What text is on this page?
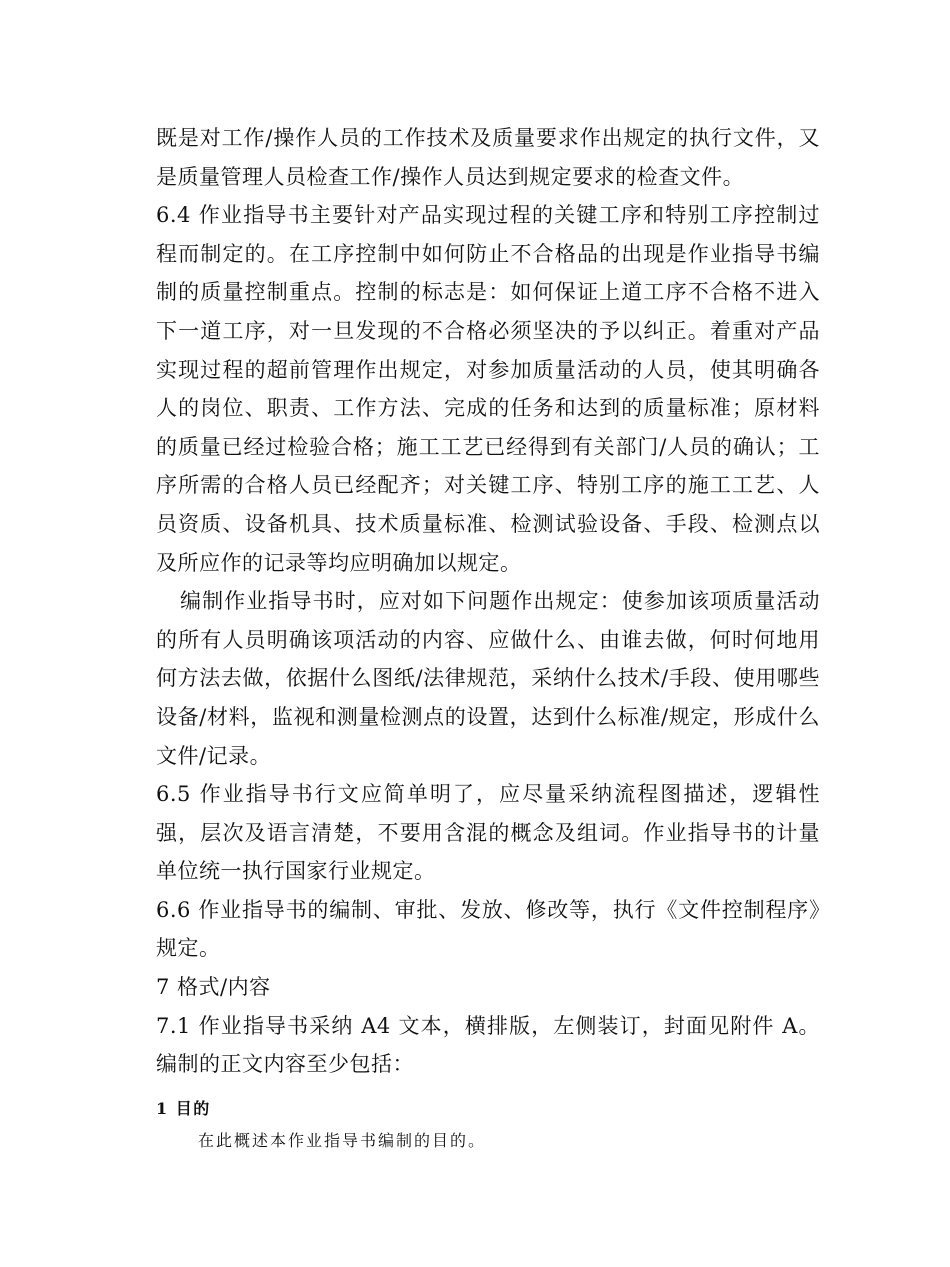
既是对工作/操作人员的工作技术及质量要求作出规定的执行文件，又是质量管理人员检查工作/操作人员达到规定要求的检查文件。

6.4 作业指导书主要针对产品实现过程的关键工序和特别工序控制过程而制定的。在工序控制中如何防止不合格品的出现是作业指导书编制的质量控制重点。控制的标志是：如何保证上道工序不合格不进入下一道工序，对一旦发现的不合格必须坚决的予以纠正。着重对产品实现过程的超前管理作出规定，对参加质量活动的人员，使其明确各人的岗位、职责、工作方法、完成的任务和达到的质量标准；原材料的质量已经过检验合格；施工工艺已经得到有关部门/人员的确认；工序所需的合格人员已经配齐；对关键工序、特别工序的施工工艺、人员资质、设备机具、技术质量标准、检测试验设备、手段、检测点以及所应作的记录等均应明确加以规定。

编制作业指导书时，应对如下问题作出规定：使参加该项质量活动的所有人员明确该项活动的内容、应做什么、由谁去做，何时何地用何方法去做，依据什么图纸/法律规范，采纳什么技术/手段、使用哪些设备/材料，监视和测量检测点的设置，达到什么标准/规定，形成什么文件/记录。

6.5 作业指导书行文应简单明了，应尽量采纳流程图描述，逻辑性强，层次及语言清楚，不要用含混的概念及组词。作业指导书的计量单位统一执行国家行业规定。

6.6 作业指导书的编制、审批、发放、修改等，执行《文件控制程序》规定。

7 格式/内容

7.1 作业指导书采纳 A4 文本，横排版，左侧装订，封面见附件 A。编制的正文内容至少包括：

1 目的
在此概述本作业指导书编制的目的。
